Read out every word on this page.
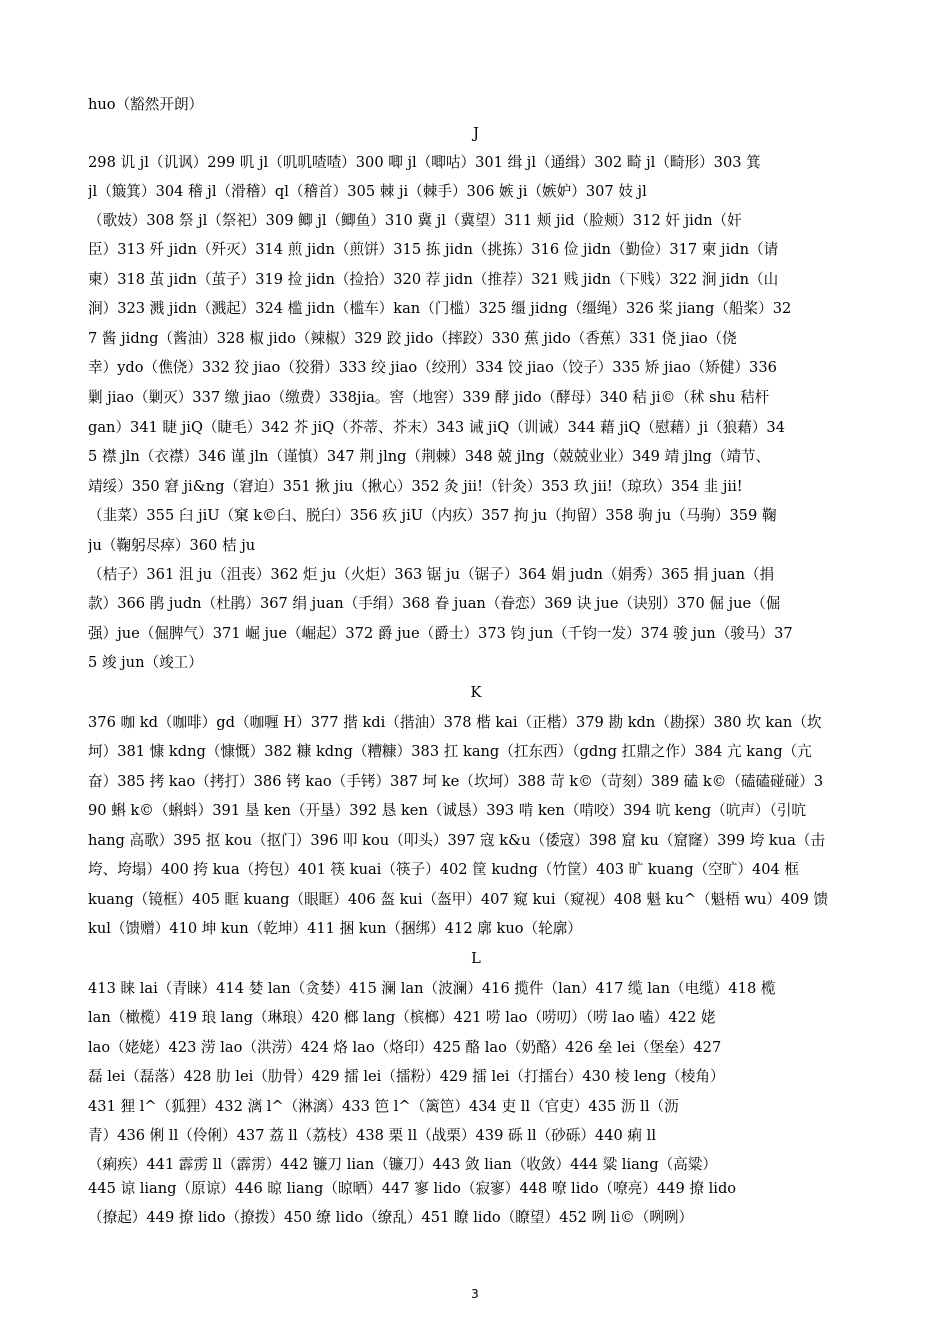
huo（豁然开朗）
J
298 讥 jl（讥讽）299 叽 jl（叽叽喳喳）300 唧 jl（唧咕）301 缉 jl（通缉）302 畸 jl（畸形）303 箕
jl（簸箕）304 稽 jl（滑稽）ql（稽首）305 棘 ji（棘手）306 嫉 ji（嫉妒）307 妓 jl
（歌妓）308 祭 jl（祭祀）309 鲫 jl（鲫鱼）310 冀 jl（冀望）311 颊 jid（脸颊）312 奸 jidn（奸
臣）313 歼 jidn（歼灭）314 煎 jidn（煎饼）315 拣 jidn（挑拣）316 俭 jidn（勤俭）317 柬 jidn（请
柬）318 茧 jidn（茧子）319 捡 jidn（捡拾）320 荐 jidn（推荐）321 贱 jidn（下贱）322 涧 jidn（山
涧）323 溅 jidn（溅起）324 槛 jidn（槛车）kan（门槛）325 缰 jidng（缰绳）326 桨 jiang（船桨）32
7 酱 jidng（酱油）328 椒 jido（辣椒）329 跤 jido（摔跤）330 蕉 jido（香蕉）331 侥 jiao（侥
幸）ydo（僬侥）332 狡 jiao（狡猾）333 绞 jiao（绞刑）334 饺 jiao（饺子）335 矫 jiao（矫健）336
剿 jiao（剿灭）337 缴 jiao（缴费）338jia。窖（地窖）339 酵 jido（酵母）340 秸 ji©（秫 shu 秸杆
gan）341 睫 jiQ（睫毛）342 芥 jiQ（芥蒂、芥末）343 诫 jiQ（训诫）344 藉 jiQ（慰藉）ji（狼藉）34
5 襟 jln（衣襟）346 谨 jln（谨慎）347 荆 jlng（荆棘）348 兢 jlng（兢兢业业）349 靖 jlng（靖节、
靖绥）350 窘 ji&ng（窘迫）351 揪 jiu（揪心）352 灸 jii!（针灸）353 玖 jii!（琼玖）354 韭 jii!
（韭菜）355 臼 jiU（窠 k©臼、脱臼）356 疚 jiU（内疚）357 拘 ju（拘留）358 驹 ju（马驹）359 鞠
ju（鞠躬尽瘁）360 桔 ju
（桔子）361 沮 ju（沮丧）362 炬 ju（火炬）363 锯 ju（锯子）364 娟 judn（娟秀）365 捐 juan（捐
款）366 鹃 judn（杜鹃）367 绢 juan（手绢）368 眷 juan（眷恋）369 诀 jue（诀别）370 倔 jue（倔
强）jue（倔脾气）371 崛 jue（崛起）372 爵 jue（爵士）373 钧 jun（千钧一发）374 骏 jun（骏马）37
5 竣 jun（竣工）
K
376 咖 kd（咖啡）gd（咖喱 H）377 揩 kdi（揩油）378 楷 kai（正楷）379 勘 kdn（勘探）380 坎 kan（坎
坷）381 慷 kdng（慷慨）382 糠 kdng（糟糠）383 扛 kang（扛东西）（gdng 扛鼎之作）384 亢 kang（亢
奋）385 拷 kao（拷打）386 铐 kao（手铐）387 坷 ke（坎坷）388 苛 k©（苛刻）389 磕 k©（磕磕碰碰）3
90 蝌 k©（蝌蚪）391 垦 ken（开垦）392 恳 ken（诚恳）393 啃 ken（啃咬）394 吭 keng（吭声）（引吭
hang 高歌）395 抠 kou（抠门）396 叩 kou（叩头）397 寇 k&u（倭寇）398 窟 ku（窟窿）399 垮 kua（击
垮、垮塌）400 挎 kua（挎包）401 筷 kuai（筷子）402 筐 kudng（竹筐）403 旷 kuang（空旷）404 框
kuang（镜框）405 眶 kuang（眼眶）406 盔 kui（盔甲）407 窥 kui（窥视）408 魁 ku^（魁梧 wu）409 馈
kul（馈赠）410 坤 kun（乾坤）411 捆 kun（捆绑）412 廓 kuo（轮廓）
L
413 睐 lai（青睐）414 婪 lan（贪婪）415 澜 lan（波澜）416 揽件（lan）417 缆 lan（电缆）418 榄
lan（橄榄）419 琅 lang（琳琅）420 榔 lang（槟榔）421 唠 lao（唠叨）（唠 lao 嗑）422 姥
lao（姥姥）423 涝 lao（洪涝）424 烙 lao（烙印）425 酪 lao（奶酪）426 垒 lei（堡垒）427
磊 lei（磊落）428 肋 lei（肋骨）429 擂 lei（擂粉）429 擂 lei（打擂台）430 棱 leng（棱角）
431 狸 l^（狐狸）432 漓 l^（淋漓）433 笆 l^（篱笆）434 吏 ll（官吏）435 沥 ll（沥
青）436 俐 ll（伶俐）437 荔 ll（荔枝）438 栗 ll（战栗）439 砾 ll（砂砾）440 痢 ll
（痢疾）441 霹雳 ll（霹雳）442 镰刀 lian（镰刀）443 敛 lian（收敛）444 粱 liang（高粱）
445 谅 liang（原谅）446 晾 liang（晾晒）447 寥 lido（寂寥）448 嘹 lido（嘹亮）449 撩 lido
（撩起）449 撩 lido（撩拨）450 缭 lido（缭乱）451 瞭 lido（瞭望）452 咧 li©（咧咧）
3
